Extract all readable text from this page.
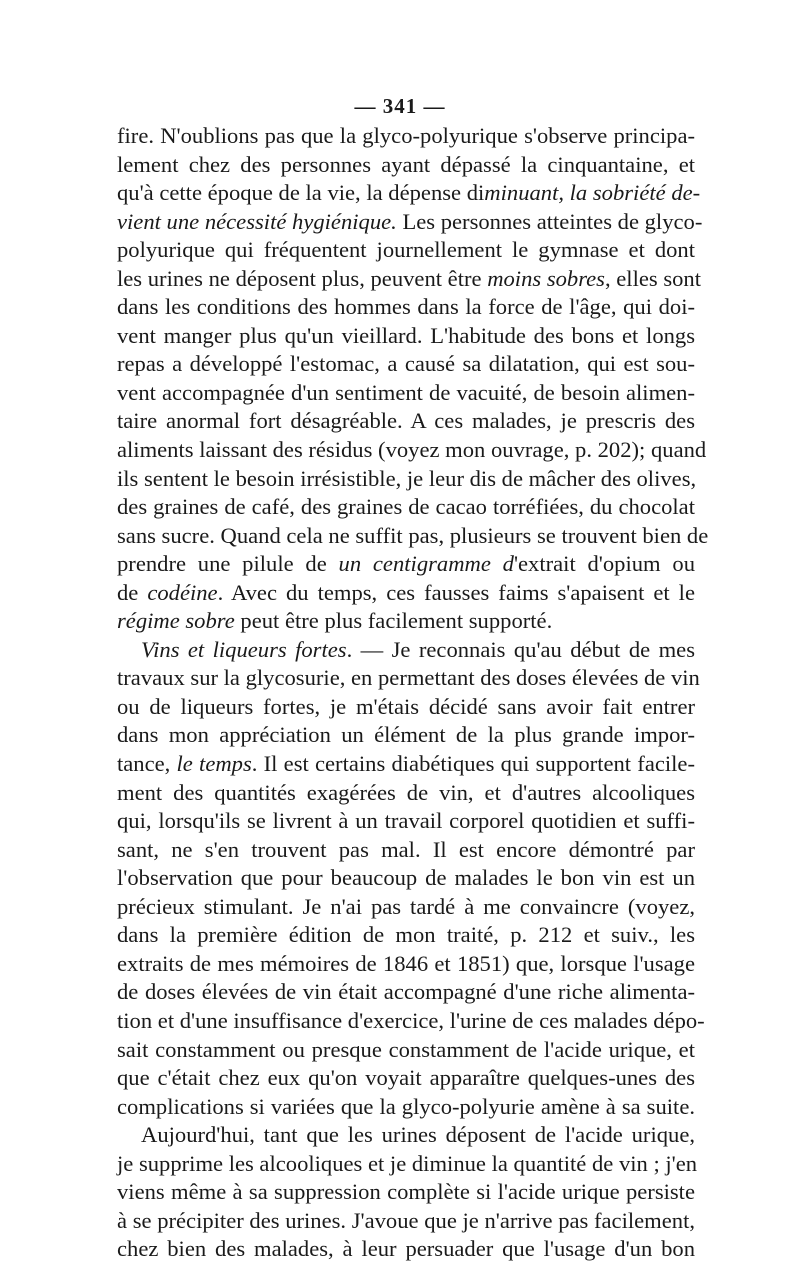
— 341 —
fire. N'oublions pas que la glyco-polyurique s'observe principa-
lement chez des personnes ayant dépassé la cinquantaine, et
qu'à cette époque de la vie, la dépense diminuant, la sobriété de-
vient une nécessité hygiénique. Les personnes atteintes de glyco-
polyurique qui fréquentent journellement le gymnase et dont
les urines ne déposent plus, peuvent être moins sobres, elles sont
dans les conditions des hommes dans la force de l'âge, qui doi-
vent manger plus qu'un vieillard. L'habitude des bons et longs
repas a développé l'estomac, a causé sa dilatation, qui est sou-
vent accompagnée d'un sentiment de vacuité, de besoin alimen-
taire anormal fort désagréable. A ces malades, je prescris des
aliments laissant des résidus (voyez mon ouvrage, p. 202); quand
ils sentent le besoin irrésistible, je leur dis de mâcher des olives,
des graines de café, des graines de cacao torréfiées, du chocolat
sans sucre. Quand cela ne suffit pas, plusieurs se trouvent bien de
prendre une pilule de un centigramme d'extrait d'opium ou
de codéine. Avec du temps, ces fausses faims s'apaisent et le
régime sobre peut être plus facilement supporté.
Vins et liqueurs fortes. — Je reconnais qu'au début de mes
travaux sur la glycosurie, en permettant des doses élevées de vin
ou de liqueurs fortes, je m'étais décidé sans avoir fait entrer
dans mon appréciation un élément de la plus grande impor-
tance, le temps. Il est certains diabétiques qui supportent facile-
ment des quantités exagérées de vin, et d'autres alcooliques
qui, lorsqu'ils se livrent à un travail corporel quotidien et suffi-
sant, ne s'en trouvent pas mal. Il est encore démontré par
l'observation que pour beaucoup de malades le bon vin est un
précieux stimulant. Je n'ai pas tardé à me convaincre (voyez,
dans la première édition de mon traité, p. 212 et suiv., les
extraits de mes mémoires de 1846 et 1851) que, lorsque l'usage
de doses élevées de vin était accompagné d'une riche alimenta-
tion et d'une insuffisance d'exercice, l'urine de ces malades dépo-
sait constamment ou presque constamment de l'acide urique, et
que c'était chez eux qu'on voyait apparaître quelques-unes des
complications si variées que la glyco-polyurie amène à sa suite.
Aujourd'hui, tant que les urines déposent de l'acide urique,
je supprime les alcooliques et je diminue la quantité de vin ; j'en
viens même à sa suppression complète si l'acide urique persiste
à se précipiter des urines. J'avoue que je n'arrive pas facilement,
chez bien des malades, à leur persuader que l'usage d'un bon
